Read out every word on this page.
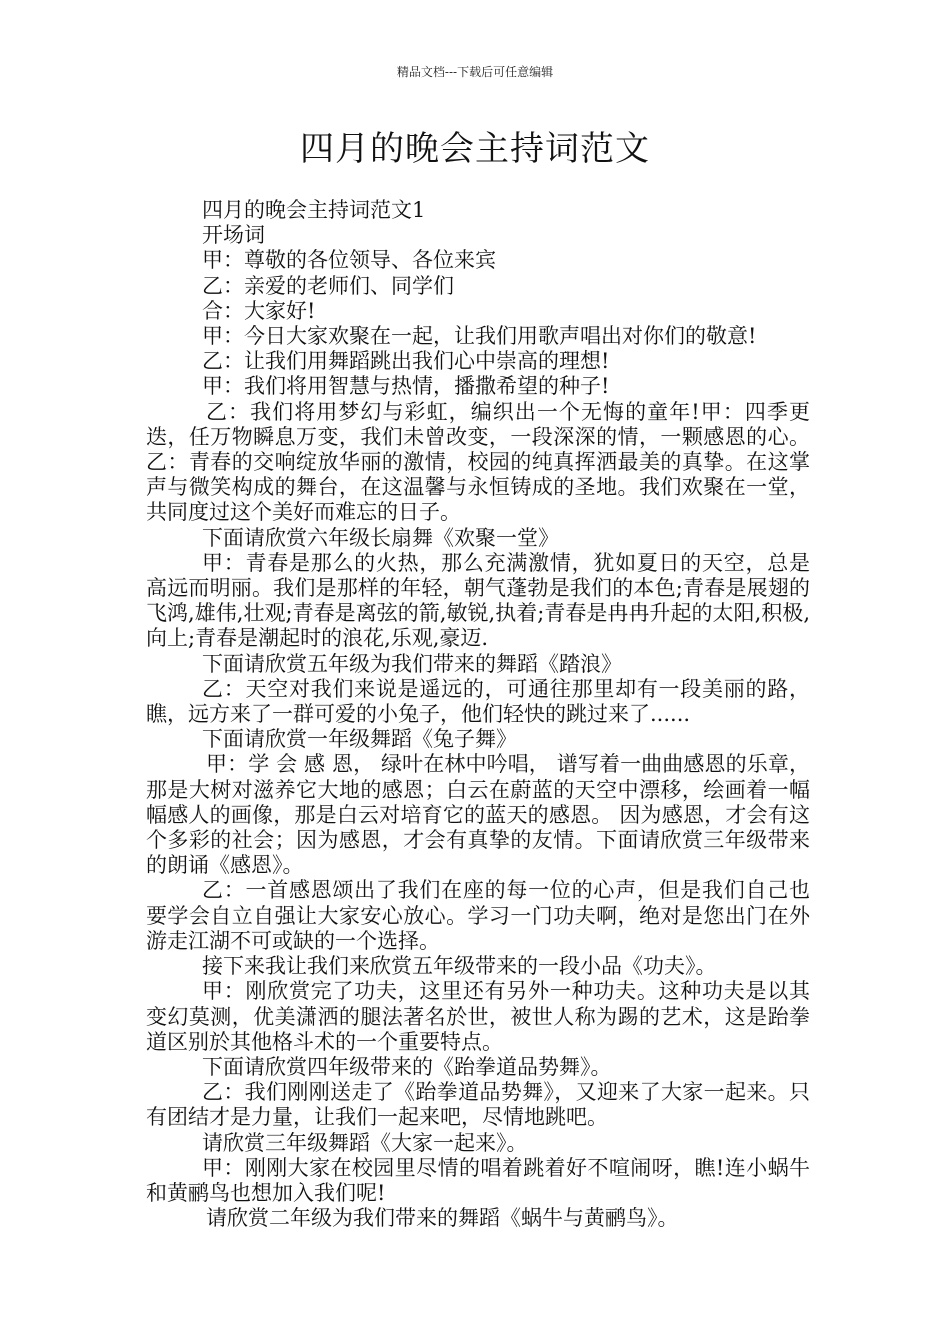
精品文档---下载后可任意编辑
四月的晚会主持词范文

四月的晚会主持词范文1

开场词

甲：尊敬的各位领导、各位来宾

乙：亲爱的老师们、同学们

合：大家好!

甲：今日大家欢聚在一起，让我们用歌声唱出对你们的敬意!

乙：让我们用舞蹈跳出我们心中崇高的理想!

甲：我们将用智慧与热情，播撒希望的种子!

乙：我们将用梦幻与彩虹，编织出一个无悔的童年!甲：四季更迭，任万物瞬息万变，我们未曾改变，一段深深的情，一颗感恩的心。乙：青春的交响绽放华丽的激情，校园的纯真挥洒最美的真挚。在这掌声与微笑构成的舞台，在这温馨与永恒铸成的圣地。我们欢聚在一堂，共同度过这个美好而难忘的日子。

下面请欣赏六年级长扇舞《欢聚一堂》

甲：青春是那么的火热，那么充满激情，犹如夏日的天空，总是高远而明丽。我们是那样的年轻，朝气蓬勃是我们的本色;青春是展翅的飞鸿,雄伟,壮观;青春是离弦的箭,敏锐,执着;青春是冉冉升起的太阳,积极,向上;青春是潮起时的浪花,乐观,豪迈.

下面请欣赏五年级为我们带来的舞蹈《踏浪》

乙：天空对我们来说是遥远的，可通往那里却有一段美丽的路，瞧，远方来了一群可爱的小兔子，他们轻快的跳过来了......

下面请欣赏一年级舞蹈《兔子舞》

甲：学 会 感 恩， 绿叶在林中吟唱， 谱写着一曲曲感恩的乐章， 那是大树对滋养它大地的感恩；白云在蔚蓝的天空中漂移，绘画着一幅幅感人的画像，那是白云对培育它的蓝天的感恩。 因为感恩，才会有这个多彩的社会；因为感恩，才会有真挚的友情。下面请欣赏三年级带来的朗诵《感恩》。

乙：一首感恩颂出了我们在座的每一位的心声，但是我们自己也要学会自立自强让大家安心放心。学习一门功夫啊，绝对是您出门在外游走江湖不可或缺的一个选择。

接下来我让我们来欣赏五年级带来的一段小品《功夫》。

甲：刚欣赏完了功夫，这里还有另外一种功夫。这种功夫是以其变幻莫测，优美潇洒的腿法著名於世，被世人称为踢的艺术，这是跆拳道区别於其他格斗术的一个重要特点。

下面请欣赏四年级带来的《跆拳道品势舞》。

乙：我们刚刚送走了《跆拳道品势舞》，又迎来了大家一起来。只有团结才是力量，让我们一起来吧，尽情地跳吧。

请欣赏三年级舞蹈《大家一起来》。

甲：刚刚大家在校园里尽情的唱着跳着好不喧闹呀，瞧!连小蜗牛和黄鹂鸟也想加入我们呢!

请欣赏二年级为我们带来的舞蹈《蜗牛与黄鹂鸟》。
